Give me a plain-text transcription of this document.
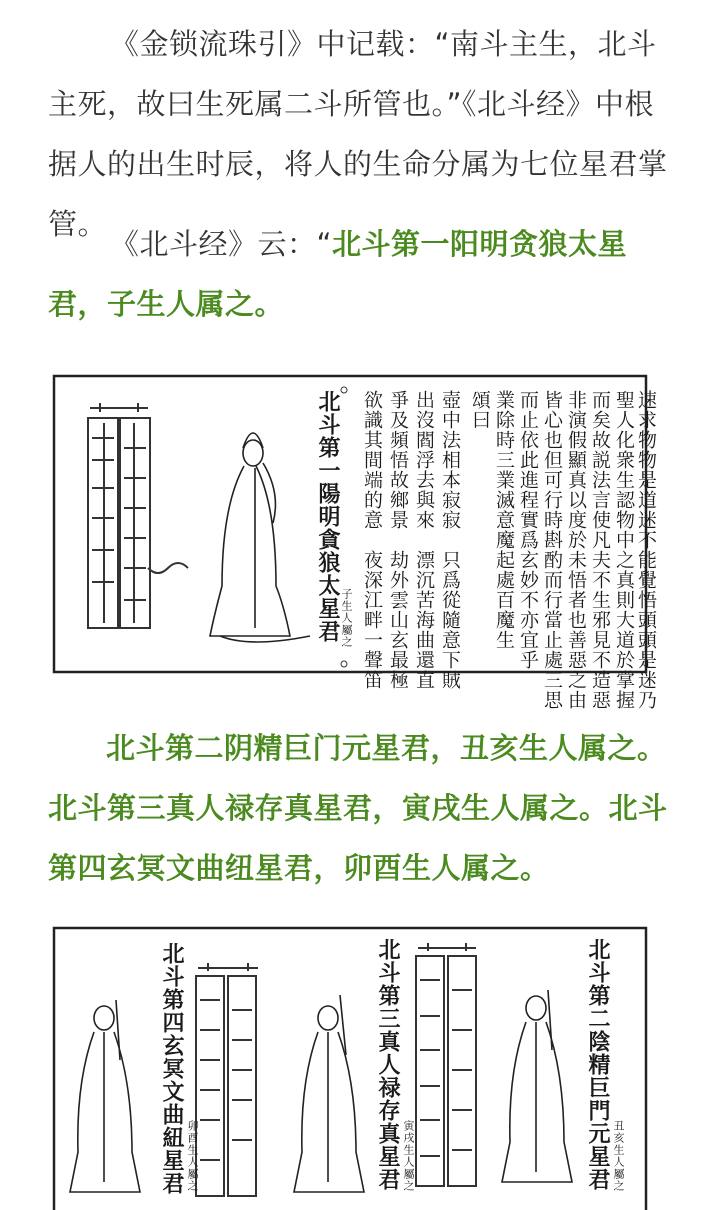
《金锁流珠引》中记载：“南斗主生，北斗主死，故曰生死属二斗所管也。”《北斗经》中根据人的出生时辰，将人的生命分属为七位星君掌管。

《北斗经》云：“北斗第一阳明贪狼太星君，子生人属之。

北斗第一陽明貪狼太星君 子生人屬之 欲識其間端的意　夜深江畔一聲笛 爭及頻悟故鄉景　劫外雲山玄最極 出沒閻浮去與來　漂沉苦海曲還直 壺中法相本寂寂　只爲從隨意下賊 頌曰 業除時三業滅意魔起處百魔生 而止依此進程實爲玄妙不亦宜乎 皆心也但可行時斟酌而行當止處三思 非演假顯真以度於未悟者也善惡之由 而矣故説法言使凡夫不生邪見不造惡 聖人化衆生認物中之真則大道於掌握 速求物物是道迷不能覺悟頭頭是迷乃

北斗第二阴精巨门元星君，丑亥生人属之。北斗第三真人禄存真星君，寅戌生人属之。北斗第四玄冥文曲纽星君，卯酉生人属之。

北斗第四玄冥文曲紐星君 卯酉生人屬之	北斗第三真人禄存真星君 寅戌生人屬之	北斗第二陰精巨門元星君 丑亥生人屬之
